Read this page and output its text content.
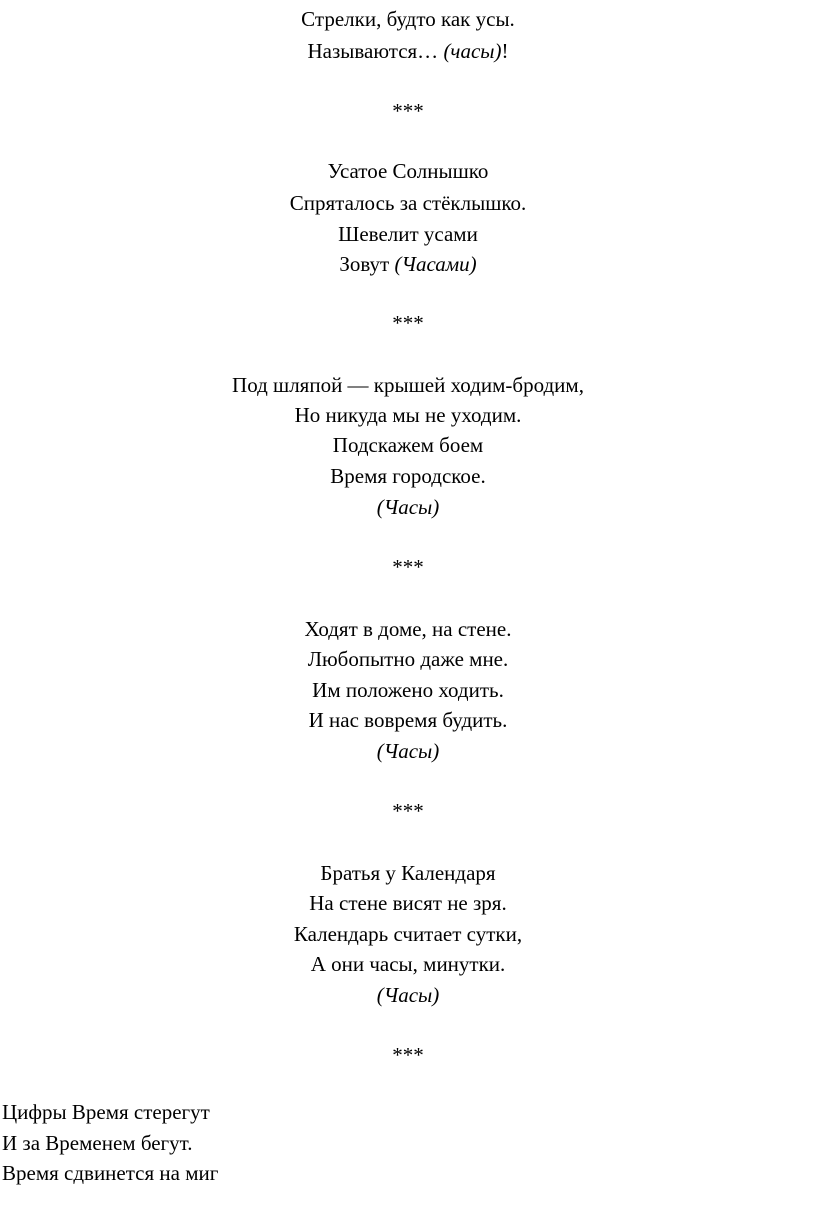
Стрелки, будто как усы.
Называются… (часы)!
***
Усатое Солнышко
Спряталось за стёклышко.
Шевелит усами
Зовут (Часами)
***
Под шляпой — крышей ходим-бродим,
Но никуда мы не уходим.
Подскажем боем
Время городское.
(Часы)
***
Ходят в доме, на стене.
Любопытно даже мне.
Им положено ходить.
И нас вовремя будить.
(Часы)
***
Братья у Календаря
На стене висят не зря.
Календарь считает сутки,
А они часы, минутки.
(Часы)
***
Цифры Время стерегут
И за Временем бегут.
Время сдвинется на миг
